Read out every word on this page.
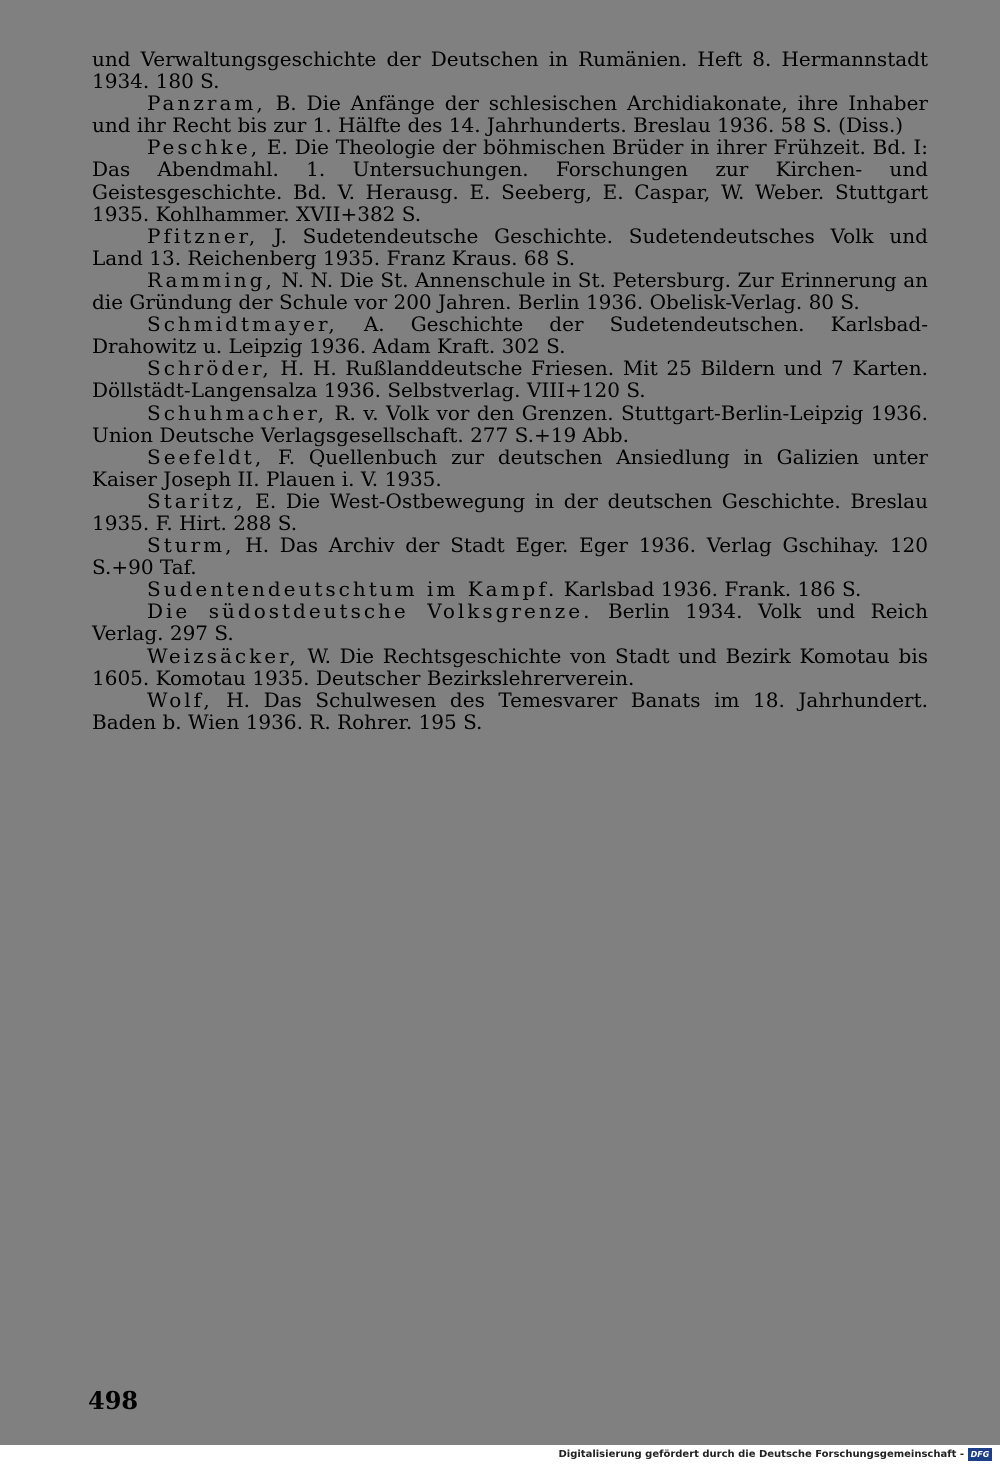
und Verwaltungsgeschichte der Deutschen in Rumänien. Heft 8. Hermannstadt 1934. 180 S.

Panzram, B. Die Anfänge der schlesischen Archidiakonate, ihre Inhaber und ihr Recht bis zur 1. Hälfte des 14. Jahrhunderts. Breslau 1936. 58 S. (Diss.)

Peschke, E. Die Theologie der böhmischen Brüder in ihrer Frühzeit. Bd. I: Das Abendmahl. 1. Untersuchungen. Forschungen zur Kirchen- und Geistesgeschichte. Bd. V. Herausg. E. Seeberg, E. Caspar, W. Weber. Stuttgart 1935. Kohlhammer. XVII+382 S.

Pfitzner, J. Sudetendeutsche Geschichte. Sudetendeutsches Volk und Land 13. Reichenberg 1935. Franz Kraus. 68 S.

Ramming, N. N. Die St. Annenschule in St. Petersburg. Zur Erinnerung an die Gründung der Schule vor 200 Jahren. Berlin 1936. Obelisk-Verlag. 80 S.

Schmidtmayer, A. Geschichte der Sudetendeutschen. Karlsbad-Drahowitz u. Leipzig 1936. Adam Kraft. 302 S.

Schröder, H. H. Rußlanddeutsche Friesen. Mit 25 Bildern und 7 Karten. Döllstädt-Langensalza 1936. Selbstverlag. VIII+120 S.

Schuhmacher, R. v. Volk vor den Grenzen. Stuttgart-Berlin-Leipzig 1936. Union Deutsche Verlagsgesellschaft. 277 S.+19 Abb.

Seefeldt, F. Quellenbuch zur deutschen Ansiedlung in Galizien unter Kaiser Joseph II. Plauen i. V. 1935.

Staritz, E. Die West-Ostbewegung in der deutschen Geschichte. Breslau 1935. F. Hirt. 288 S.

Sturm, H. Das Archiv der Stadt Eger. Eger 1936. Verlag Gschihay. 120 S.+90 Taf.

Sudentendeutschtum im Kampf. Karlsbad 1936. Frank. 186 S.

Die südostdeutsche Volksgrenze. Berlin 1934. Volk und Reich Verlag. 297 S.

Weizsäcker, W. Die Rechtsgeschichte von Stadt und Bezirk Komotau bis 1605. Komotau 1935. Deutscher Bezirkslehrerverein.

Wolf, H. Das Schulwesen des Temesvarer Banats im 18. Jahrhundert. Baden b. Wien 1936. R. Rohrer. 195 S.

498
Digitalisierung gefördert durch die Deutsche Forschungsgemeinschaft - DFG
